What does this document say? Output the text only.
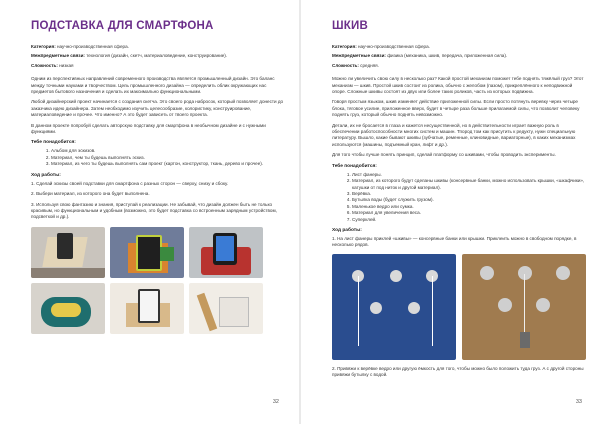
ПОДСТАВКА ДЛЯ СМАРТФОНА
Категория: научно-производственная сфера.
Межпредметные связи: технология (дизайн, скетч, материаловедение, конструирование).
Сложность: низкая

Одним из перспективных направлений современного производства является промышленный дизайн. Это баланс между точными науками и творчеством. Цель промышленного дизайна — определить облик окружающих нас предметов бытового назначения и сделать их максимально функциональными.

Любой дизайнерский проект начинается с создания скетча. Это своего рода набросок, который позволяет донести до заказчика идею дизайнера. Затем необходимо изучить целесообразие, колористику, конструирование, материаловедение и прочее. Что именно? А это будет зависеть от твоего проекта.

В данном проекте попробуй сделать авторскую подставку для смартфона в необычном дизайне и с нужными функциями.

Тебе понадобится:
1. Альбом для эскизов.
2. Материал, чем ты будешь выполнять эскиз.
3. Материал, из чего ты будешь выполнять сам проект (картон, конструктор, ткань, дерево и прочее).
Ход работы:

1. Сделай эскизы своей подставки для смартфона с разных сторон — сверху, снизу и сбоку.

2. Выбери материал, из которого она будет выполнена.

3. Используя свою фантазию и знания, приступай к реализации. Не забывай, что дизайн должен быть не только красивым, но функциональным и удобным (возможно, это будет подставка со встроенным зарядным устройством, подсветкой и др.).

32
ШКИВ
Категория: научно-производственная сфера.
Межпредметные связи: физика (механика, шкив, передача, приложенная сила).
Сложность: средняя.

Можно ли увеличить свою силу в несколько раз? Какой простой механизм поможет тебе поднять тяжёлый груз? Этот механизм — шкив. Простой шкив состоит из ролика, обычно с желобом (пазом), прикреплённого к неподвижной опоре. Сложные шкивы состоят из двух или более таких роликов, часть из которых подвижна.

Говоря простым языком, шкив изменяет действие приложенной силы. Если просто потянуть веревку через четыре блока, тяговое усилие, приложенное вверх, будет в четыре раза больше прилагаемой силы, что позволит человеку поднять груз, который обычно поднять невозможно.

Детали, их не бросается в глаза и кажется несущественной, но в действительности играет важную роль в обеспечении работоспособности многих систем и машин. Тпород том как присутить к редукту, нужн специальную литературу. Вышло, какие бывают шкивы (зубчатые, ременные, клиновидные, вариаторные), в каких механизмах используются (машины, подъемный кран, лифт и др.).

Для того чтобы лучше понять принцип, сделай платформу со шкивами, чтобы проводить эксперименты.

Тебе понадобится:
1. Лист фанеры.
2. Материал, из которого будут сделаны шкивы (консервные банки, можно использовать крышки, «шкафчики», катушки от под ниток и другой материал).
3. Верёвка.
4. Бутылка воды (будет служить грузом).
5. Маленькое ведро или сумка.
6. Материал для увеличения веса.
7. Суперклей.
Ход работы:

1. На лист фанеры приклей «шкивы» — консервные банки или крышки. Приклеить можно в свободном порядке, в несколько рядов.

2. Привяжи к верёвке ведро или другую ёмкость для того, чтобы можно было положить туда груз. А с другой стороны привяжи бутылку с водой.

33
